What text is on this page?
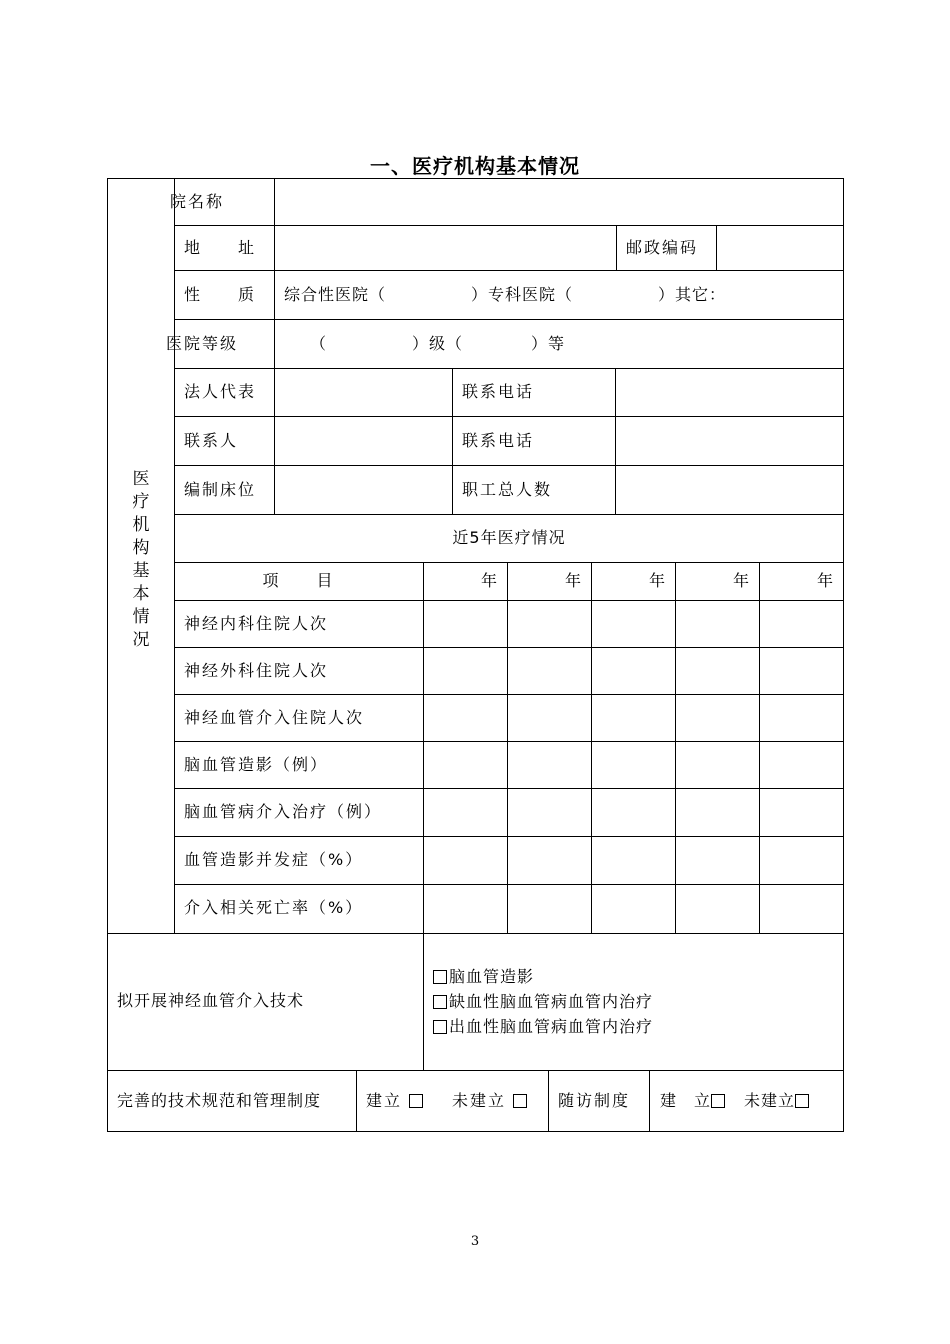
一、医疗机构基本情况
医
疗
机
构
基
本
情
况
院名称
地　　址	邮政编码
性　　质 综合性医院（　　　　　）专科医院（　　　　　）其它：
医院等级	（　　　　　）级（　　　　）等
法人代表	联系电话
联系人	联系电话
编制床位	职工总人数
近5年医疗情况
项　　目	年	年	年	年	年
神经内科住院人次
神经外科住院人次
神经血管介入住院人次
脑血管造影（例）
脑血管病介入治疗（例）
血管造影并发症（%）
介入相关死亡率（%）
拟开展神经血管介入技术
脑血管造影
缺血性脑血管病血管内治疗
出血性脑血管病血管内治疗
完善的技术规范和管理制度	建立	未建立	随访制度 建　立	未建立
3
